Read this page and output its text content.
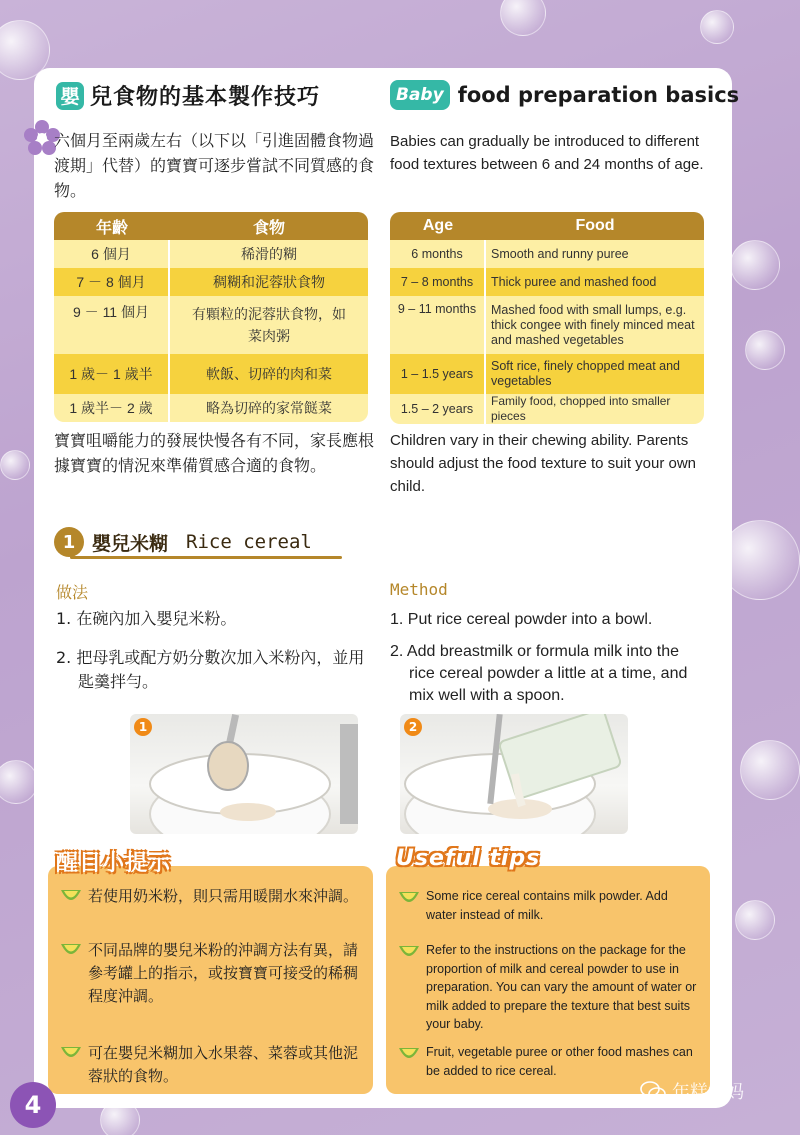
嬰 兒食物的基本製作技巧	Baby food preparation basics

六個月至兩歲左右（以下以「引進固體食物過渡期」代替）的寶寶可逐步嘗試不同質感的食物。

Babies can gradually be introduced to different food textures between 6 and 24 months of age.

年齡	食物
6 個月	稀滑的糊
7 － 8 個月	稠糊和泥蓉狀食物
9 － 11 個月	有顆粒的泥蓉狀食物，如菜肉粥
1 歲－ 1 歲半	軟飯、切碎的肉和菜
1 歲半－ 2 歲	略為切碎的家常餸菜
Age	Food
6 months	Smooth and runny puree
7 – 8 months	Thick puree and mashed food
9 – 11 months	Mashed food with small lumps, e.g. thick congee with finely minced meat and mashed vegetables
1 – 1.5 years	Soft rice, finely chopped meat and vegetables
1.5 – 2 years	Family food, chopped into smaller pieces

寶寶咀嚼能力的發展快慢各有不同，家長應根據寶寶的情況來準備質感合適的食物。

Children vary in their chewing ability. Parents should adjust the food texture to suit your own child.

1 嬰兒米糊 Rice cereal
做法	Method
1. 在碗內加入嬰兒米粉。
2. 把母乳或配方奶分數次加入米粉內，並用匙羹拌勻。
1. Put rice cereal powder into a bowl.
2. Add breastmilk or formula milk into the rice cereal powder a little at a time, and mix well with a spoon.
1	2
醒目小提示	Useful tips
若使用奶米粉，則只需用暖開水來沖調。
不同品牌的嬰兒米粉的沖調方法有異，請參考罐上的指示，或按寶寶可接受的稀稠程度沖調。
可在嬰兒米糊加入水果蓉、菜蓉或其他泥蓉狀的食物。
Some rice cereal contains milk powder. Add water instead of milk.
Refer to the instructions on the package for the proportion of milk and cereal powder to use in preparation. You can vary the amount of water or milk added to prepare the texture that best suits your baby.
Fruit, vegetable puree or other food mashes can be added to rice cereal.
4	年糕妈妈
